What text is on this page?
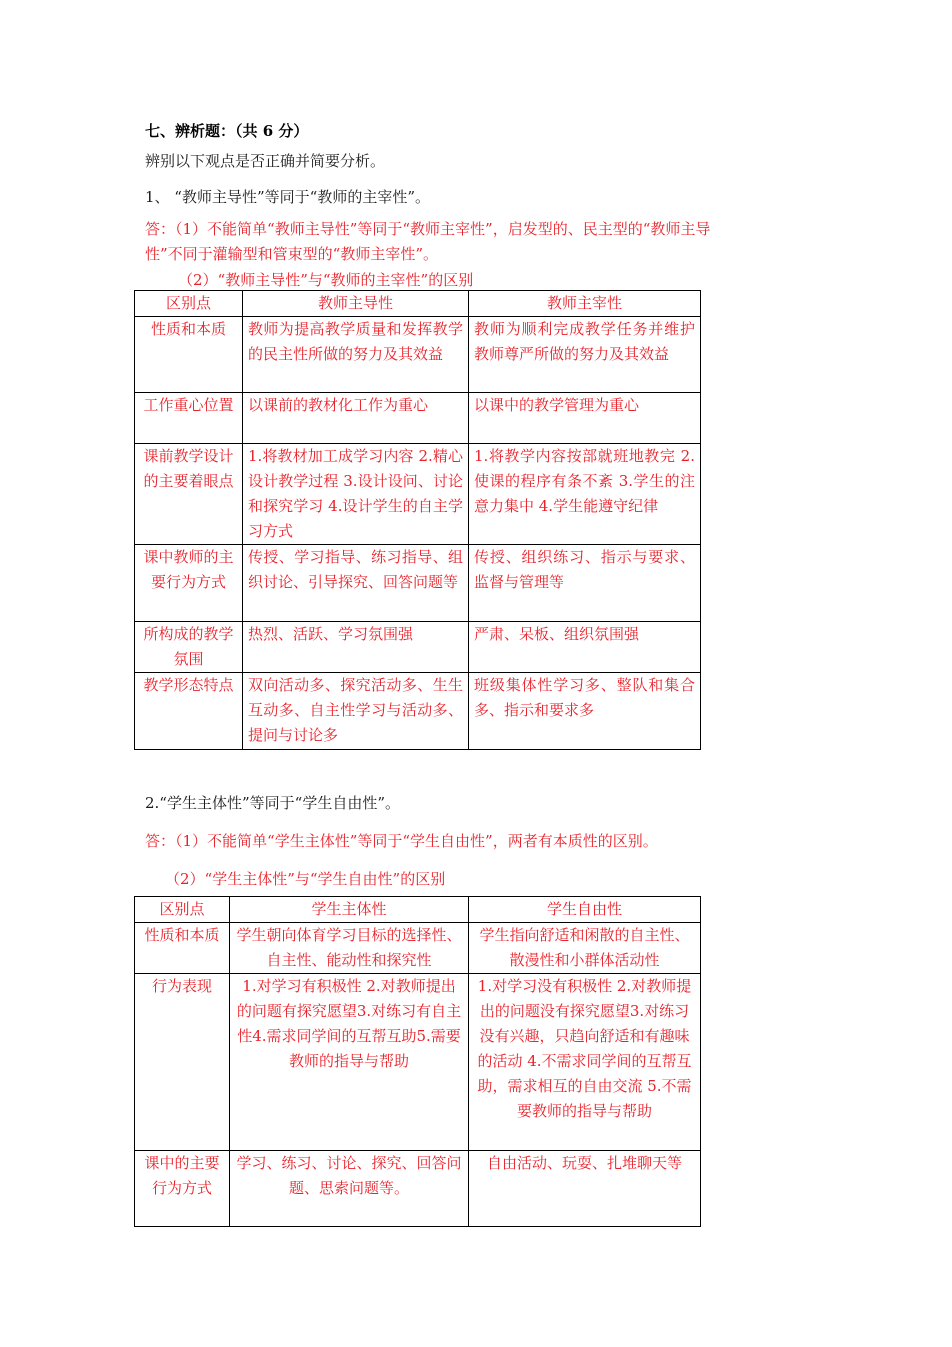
七、辨析题：（共 6 分）
辨别以下观点是否正确并简要分析。
1、 “教师主导性”等同于“教师的主宰性”。
答：（1）不能简单“教师主导性”等同于“教师主宰性”，启发型的、民主型的“教师主导
性”不同于灌输型和管束型的“教师主宰性”。
（2）“教师主导性”与“教师的主宰性”的区别
区别点	教师主导性	教师主宰性
性质和本质	教师为提高教学质量和发挥教学的民主性所做的努力及其效益	教师为顺利完成教学任务并维护教师尊严所做的努力及其效益
工作重心位置	以课前的教材化工作为重心	以课中的教学管理为重心
课前教学设计的主要着眼点	1.将教材加工成学习内容 2.精心设计教学过程 3.设计设问、讨论和探究学习 4.设计学生的自主学习方式	1.将教学内容按部就班地教完 2.使课的程序有条不紊 3.学生的注意力集中 4.学生能遵守纪律
课中教师的主要行为方式	传授、学习指导、练习指导、组织讨论、引导探究、回答问题等	传授、组织练习、指示与要求、监督与管理等
所构成的教学氛围	热烈、活跃、学习氛围强	严肃、呆板、组织氛围强
教学形态特点	双向活动多、探究活动多、生生互动多、自主性学习与活动多、提问与讨论多	班级集体性学习多、整队和集合多、指示和要求多
2.“学生主体性”等同于“学生自由性”。
答：（1）不能简单“学生主体性”等同于“学生自由性”，两者有本质性的区别。
（2）“学生主体性”与“学生自由性”的区别
区别点	学生主体性	学生自由性
性质和本质	学生朝向体育学习目标的选择性、自主性、能动性和探究性	学生指向舒适和闲散的自主性、散漫性和小群体活动性
行为表现	1.对学习有积极性 2.对教师提出的问题有探究愿望3.对练习有自主性4.需求同学间的互帮互助5.需要教师的指导与帮助	1.对学习没有积极性 2.对教师提出的问题没有探究愿望3.对练习没有兴趣，只趋向舒适和有趣味的活动 4.不需求同学间的互帮互助，需求相互的自由交流 5.不需要教师的指导与帮助
课中的主要行为方式	学习、练习、讨论、探究、回答问题、思索问题等。	自由活动、玩耍、扎堆聊天等
